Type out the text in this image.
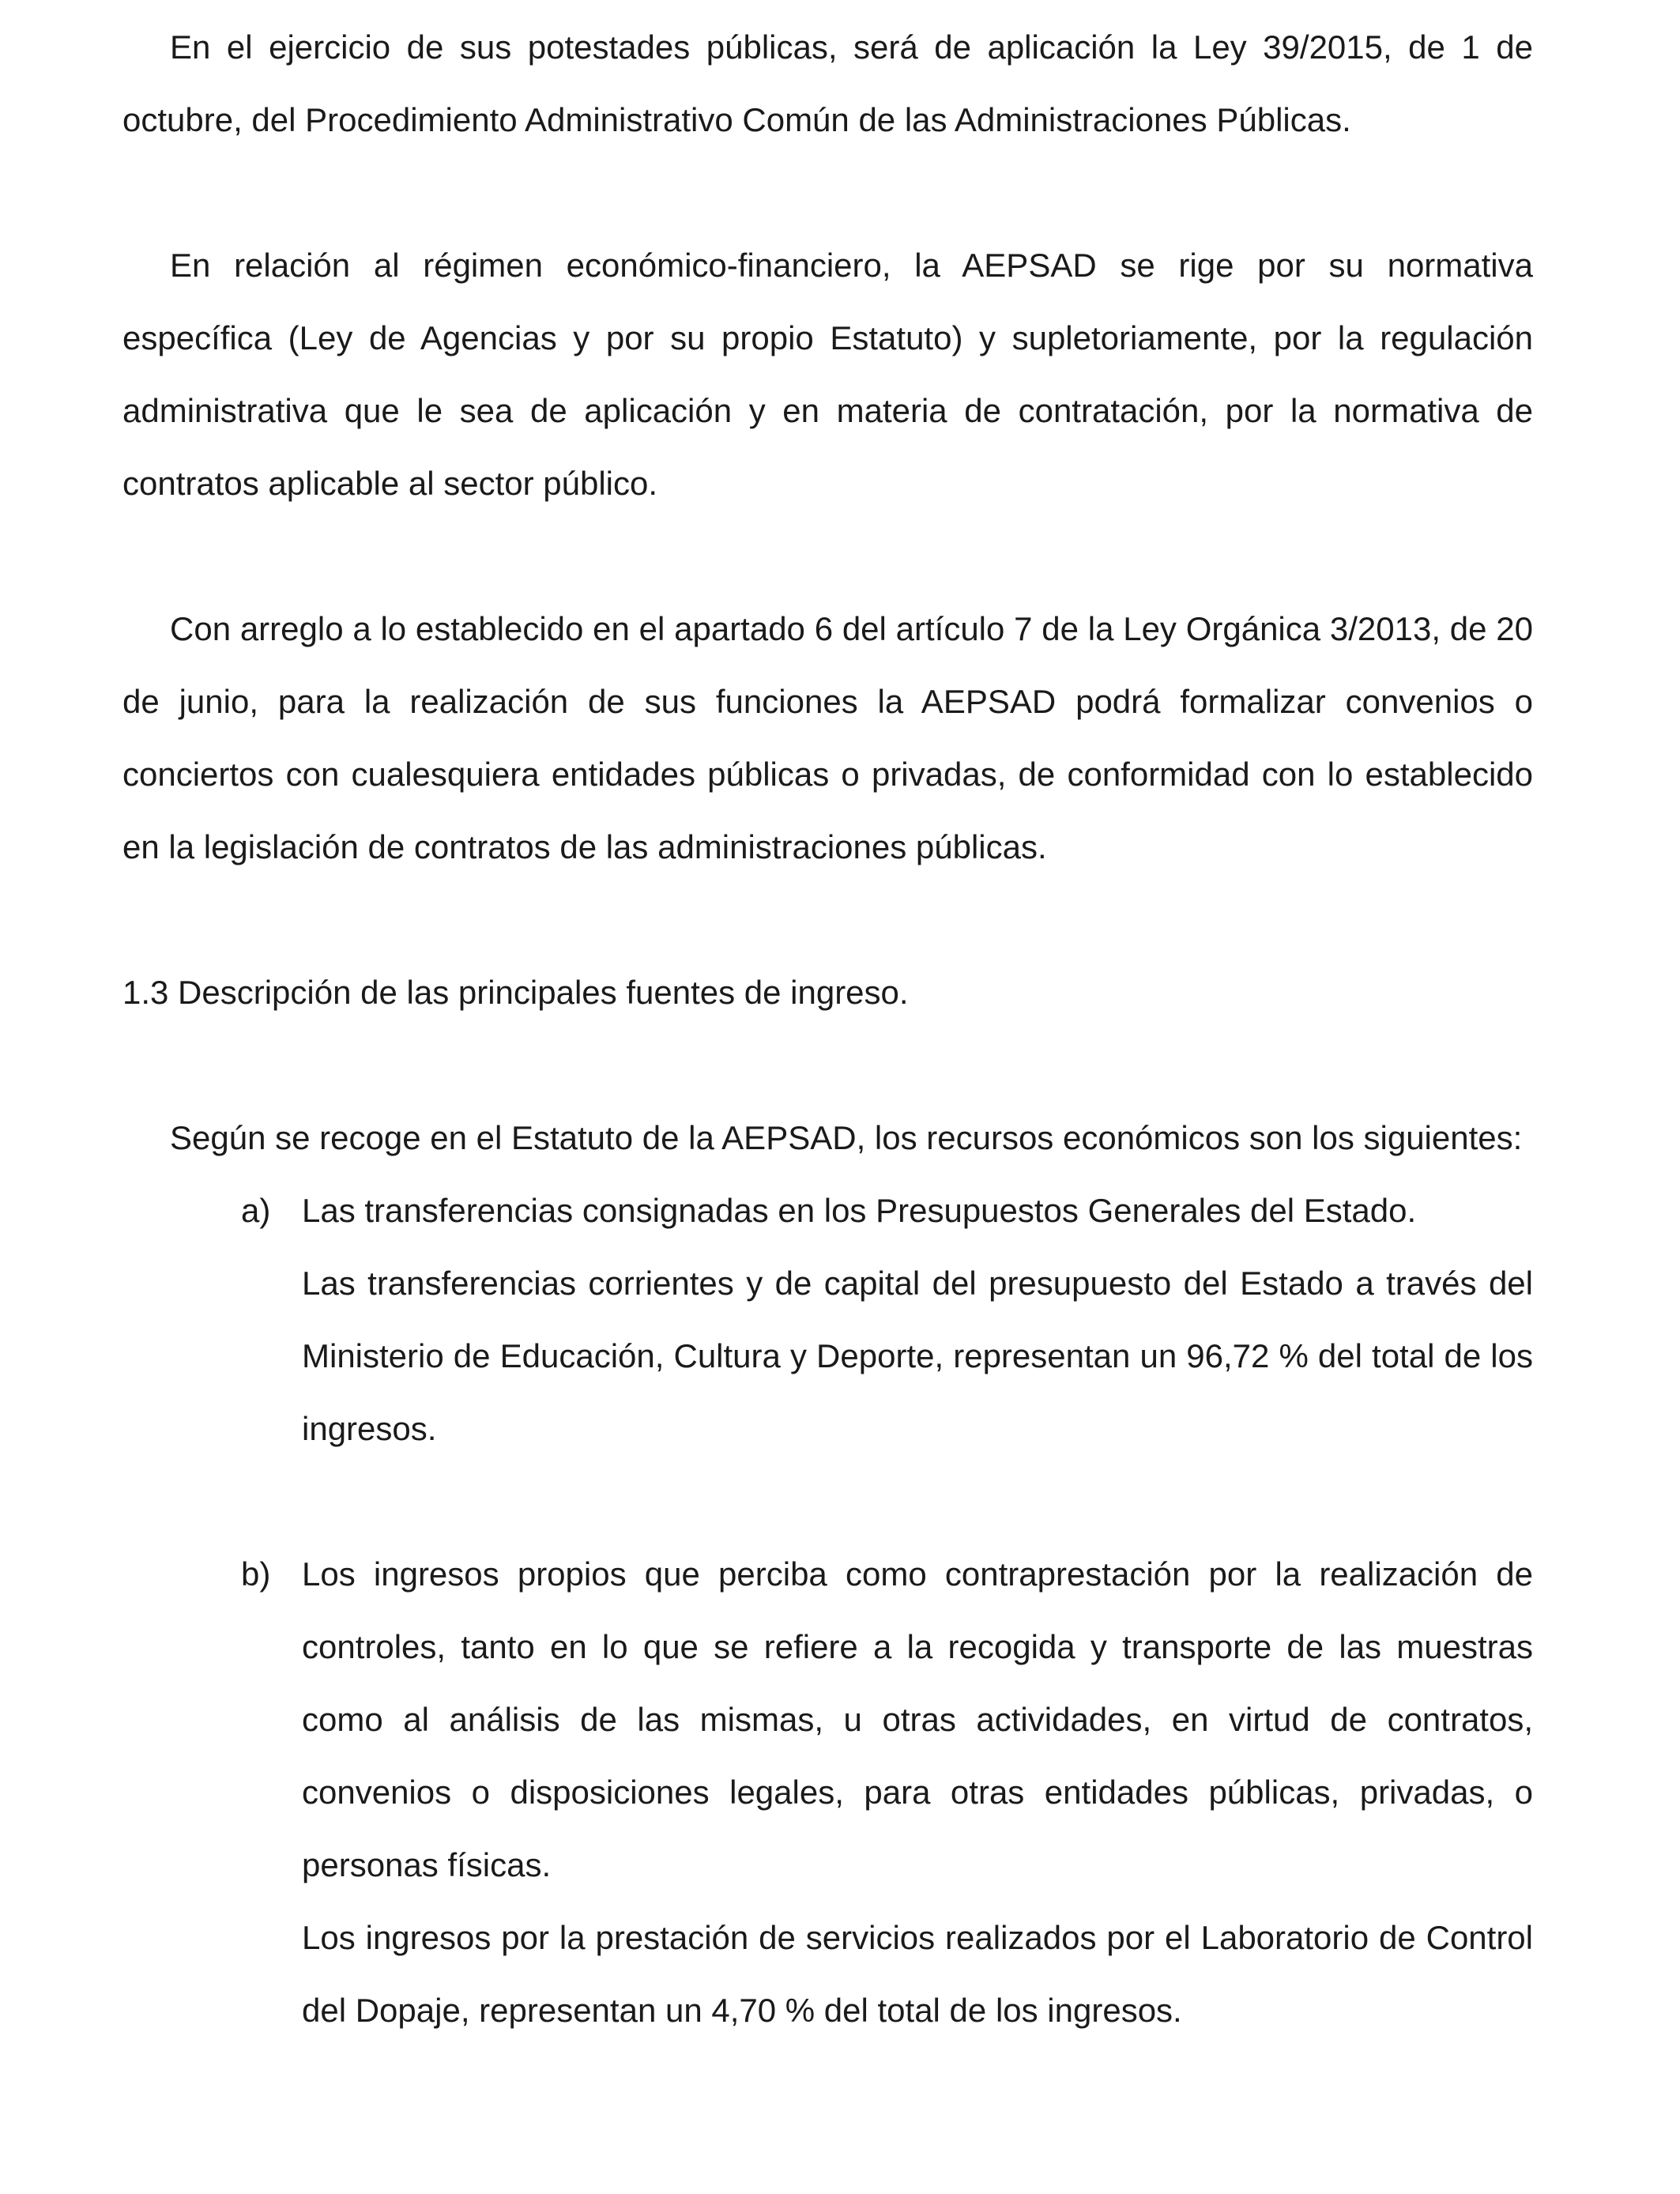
En el ejercicio de sus potestades públicas, será de aplicación la Ley 39/2015, de 1 de octubre, del Procedimiento Administrativo Común de las Administraciones Públicas.

En relación al régimen económico-financiero, la AEPSAD se rige por su normativa específica (Ley de Agencias y por su propio Estatuto) y supletoriamente, por la regulación administrativa que le sea de aplicación y en materia de contratación, por la normativa de contratos aplicable al sector público.

Con arreglo a lo establecido en el apartado 6 del artículo 7 de la Ley Orgánica 3/2013, de 20 de junio, para la realización de sus funciones la AEPSAD podrá formalizar convenios o conciertos con cualesquiera entidades públicas o privadas, de conformidad con lo establecido en la legislación de contratos de las administraciones públicas.

1.3 Descripción de las principales fuentes de ingreso.

Según se recoge en el Estatuto de la AEPSAD, los recursos económicos son los siguientes:

a) Las transferencias consignadas en los Presupuestos Generales del Estado.

Las transferencias corrientes y de capital del presupuesto del Estado a través del Ministerio de Educación, Cultura y Deporte, representan un 96,72 % del total de los ingresos.

b) Los ingresos propios que perciba como contraprestación por la realización de controles, tanto en lo que se refiere a la recogida y transporte de las muestras como al análisis de las mismas, u otras actividades, en virtud de contratos, convenios o disposiciones legales, para otras entidades públicas, privadas, o personas físicas.

Los ingresos por la prestación de servicios realizados por el Laboratorio de Control del Dopaje, representan un 4,70 % del total de los ingresos.
